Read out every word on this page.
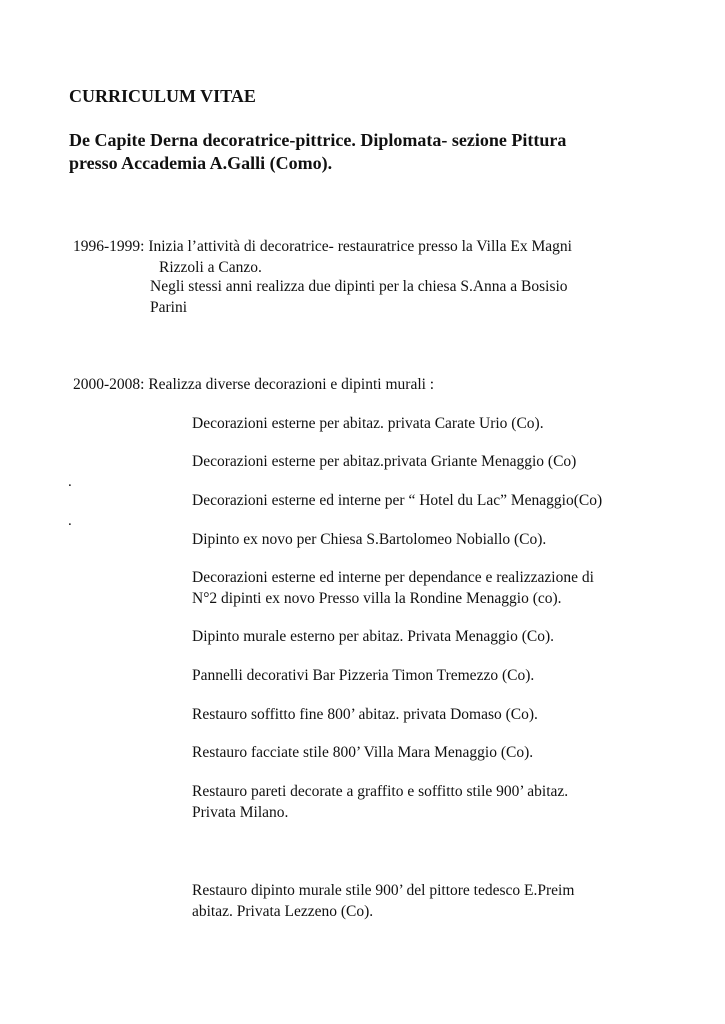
CURRICULUM VITAE
De Capite Derna decoratrice-pittrice. Diplomata- sezione Pittura
presso Accademia A.Galli (Como).
1996-1999: Inizia l’attività di decoratrice- restauratrice presso la Villa Ex Magni
Rizzoli a Canzo.
Negli stessi anni realizza due dipinti per la chiesa S.Anna a Bosisio
Parini
2000-2008: Realizza diverse decorazioni e dipinti murali :
.
.
Decorazioni esterne per abitaz. privata Carate Urio (Co).
Decorazioni esterne per abitaz.privata Griante Menaggio (Co)
Decorazioni esterne ed interne per “ Hotel du Lac” Menaggio(Co)
Dipinto ex novo per Chiesa S.Bartolomeo Nobiallo (Co).
Decorazioni esterne ed interne per dependance e realizzazione di
N°2 dipinti ex novo Presso villa la Rondine Menaggio (co).
Dipinto murale esterno per abitaz. Privata Menaggio (Co).
Pannelli decorativi Bar Pizzeria Timon Tremezzo (Co).
Restauro soffitto fine 800’ abitaz. privata Domaso (Co).
Restauro facciate stile 800’ Villa Mara Menaggio (Co).
Restauro pareti decorate a graffito e soffitto stile 900’ abitaz.
Privata Milano.
Restauro dipinto murale stile 900’ del pittore tedesco E.Preim
abitaz. Privata Lezzeno (Co).
